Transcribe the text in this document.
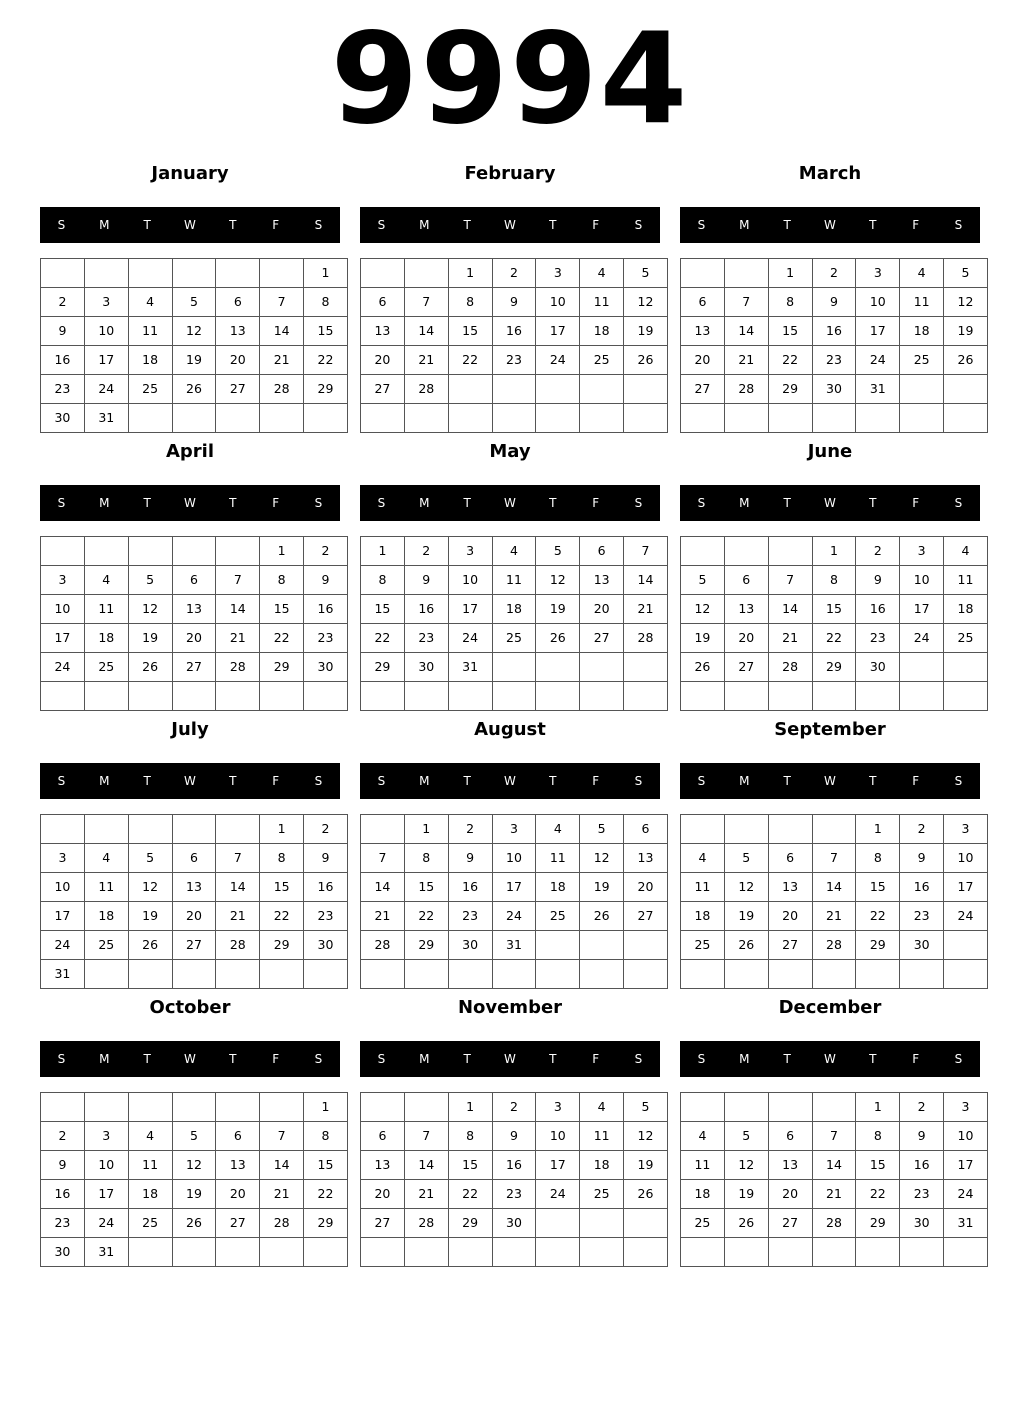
9994
January
S	M	T	W	T	F	S
						1
2	3	4	5	6	7	8
9	10	11	12	13	14	15
16	17	18	19	20	21	22
23	24	25	26	27	28	29
30	31					
February
S	M	T	W	T	F	S
		1	2	3	4	5
6	7	8	9	10	11	12
13	14	15	16	17	18	19
20	21	22	23	24	25	26
27	28					

March
S	M	T	W	T	F	S
		1	2	3	4	5
6	7	8	9	10	11	12
13	14	15	16	17	18	19
20	21	22	23	24	25	26
27	28	29	30	31		

April
S	M	T	W	T	F	S
					1	2
3	4	5	6	7	8	9
10	11	12	13	14	15	16
17	18	19	20	21	22	23
24	25	26	27	28	29	30

May
S	M	T	W	T	F	S
1	2	3	4	5	6	7
8	9	10	11	12	13	14
15	16	17	18	19	20	21
22	23	24	25	26	27	28
29	30	31				

June
S	M	T	W	T	F	S
			1	2	3	4
5	6	7	8	9	10	11
12	13	14	15	16	17	18
19	20	21	22	23	24	25
26	27	28	29	30		

July
S	M	T	W	T	F	S
					1	2
3	4	5	6	7	8	9
10	11	12	13	14	15	16
17	18	19	20	21	22	23
24	25	26	27	28	29	30
31						
August
S	M	T	W	T	F	S
	1	2	3	4	5	6
7	8	9	10	11	12	13
14	15	16	17	18	19	20
21	22	23	24	25	26	27
28	29	30	31			

September
S	M	T	W	T	F	S
				1	2	3
4	5	6	7	8	9	10
11	12	13	14	15	16	17
18	19	20	21	22	23	24
25	26	27	28	29	30	

October
S	M	T	W	T	F	S
						1
2	3	4	5	6	7	8
9	10	11	12	13	14	15
16	17	18	19	20	21	22
23	24	25	26	27	28	29
30	31					
November
S	M	T	W	T	F	S
		1	2	3	4	5
6	7	8	9	10	11	12
13	14	15	16	17	18	19
20	21	22	23	24	25	26
27	28	29	30			

December
S	M	T	W	T	F	S
				1	2	3
4	5	6	7	8	9	10
11	12	13	14	15	16	17
18	19	20	21	22	23	24
25	26	27	28	29	30	31
